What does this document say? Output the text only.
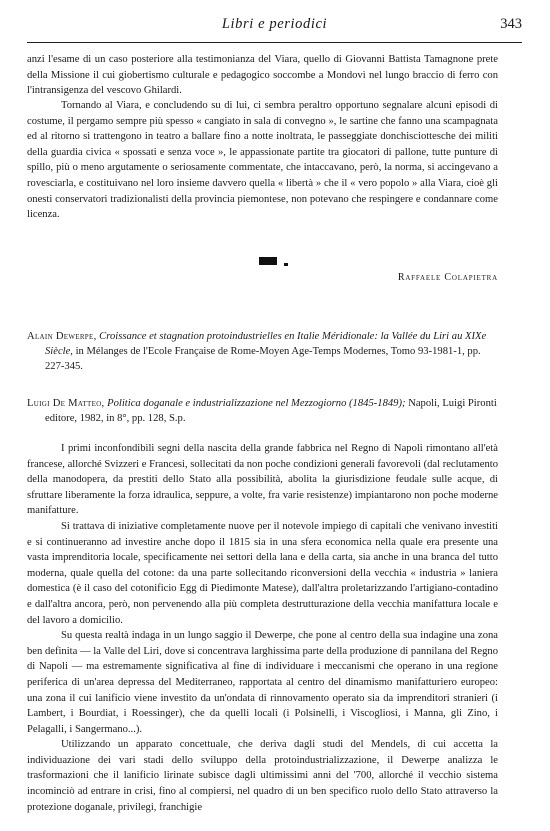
Libri e periodici	343

anzi l'esame di un caso posteriore alla testimonianza del Viara, quello di Giovanni Battista Tamagnone prete della Missione il cui giobertismo culturale e pedagogico soccombe a Mondovì nel lungo braccio di ferro con l'intransigenza del vescovo Ghilardi.

Tornando al Viara, e concludendo su di lui, ci sembra peraltro opportuno segnalare alcuni episodi di costume, il pergamo sempre più spesso « cangiato in sala di convegno », le sartine che fanno una scampagnata ed al ritorno si trattengono in teatro a ballare fino a notte inoltrata, le passeggiate donchisciottesche dei militi della guardia civica « spossati e senza voce », le appassionate partite tra giocatori di pallone, tutte punture di spillo, più o meno argutamente o seriosamente commentate, che intaccavano, però, la norma, si accingevano a rovesciarla, e costituivano nel loro insieme davvero quella « libertà » che il « vero popolo » alla Viara, cioè gli onesti conservatori tradizionalisti della provincia piemontese, non potevano che respingere e condannare come licenza.

Raffaele Colapietra

Alain Dewerpe, Croissance et stagnation protoindustrielles en Italie Méridionale: la Vallée du Liri au XIXe Siècle, in Mélanges de l'Ecole Française de Rome-Moyen Age-Temps Modernes, Tomo 93-1981-1, pp. 227-345.

Luigi De Matteo, Politica doganale e industrializzazione nel Mezzogiorno (1845-1849); Napoli, Luigi Pironti editore, 1982, in 8°, pp. 128, S.p.

I primi inconfondibili segni della nascita della grande fabbrica nel Regno di Napoli rimontano all'età francese, allorché Svizzeri e Francesi, sollecitati da non poche condizioni generali favorevoli (dal reclutamento della manodopera, da prestiti dello Stato alla possibilità, abolita la giurisdizione feudale sulle acque, di sfruttare liberamente la forza idraulica, seppure, a volte, fra varie resistenze) impiantarono non poche moderne manifatture.

Si trattava di iniziative completamente nuove per il notevole impiego di capitali che venivano investiti e si continueranno ad investire anche dopo il 1815 sia in una sfera economica nella quale era presente una vasta imprenditoria locale, specificamente nei settori della lana e della carta, sia anche in una branca del tutto moderna, quale quella del cotone: da una parte sollecitando riconversioni della vecchia « industria » laniera domestica (è il caso del cotonificio Egg di Piedimonte Matese), dall'altra proletarizzando l'artigiano-contadino e dall'altra ancora, però, non pervenendo alla più completa destrutturazione della vecchia manifattura locale e del lavoro a domicilio.

Su questa realtà indaga in un lungo saggio il Dewerpe, che pone al centro della sua indagine una zona ben definita — la Valle del Liri, dove si concentrava larghissima parte della produzione di pannilana del Regno di Napoli — ma estremamente significativa al fine di individuare i meccanismi che operano in una regione periferica di un'area depressa del Mediterraneo, rapportata al centro del dinamismo manifatturiero europeo: una zona il cui lanificio viene investito da un'ondata di rinnovamento operato sia da imprenditori stranieri (i Lambert, i Bourdiat, i Roessinger), che da quelli locali (i Polsinelli, i Viscogliosi, i Manna, gli Zino, i Pelagalli, i Sangermano...).

Utilizzando un apparato concettuale, che deriva dagli studi del Mendels, di cui accetta la individuazione dei vari stadi dello sviluppo della protoindustrializzazione, il Dewerpe analizza le trasformazioni che il lanificio lirinate subisce dagli ultimissimi anni del '700, allorché il vecchio sistema incominciò ad entrare in crisi, fino al compiersi, nel quadro di un ben specifico ruolo dello Stato attraverso la protezione doganale, privilegi, franchigie
